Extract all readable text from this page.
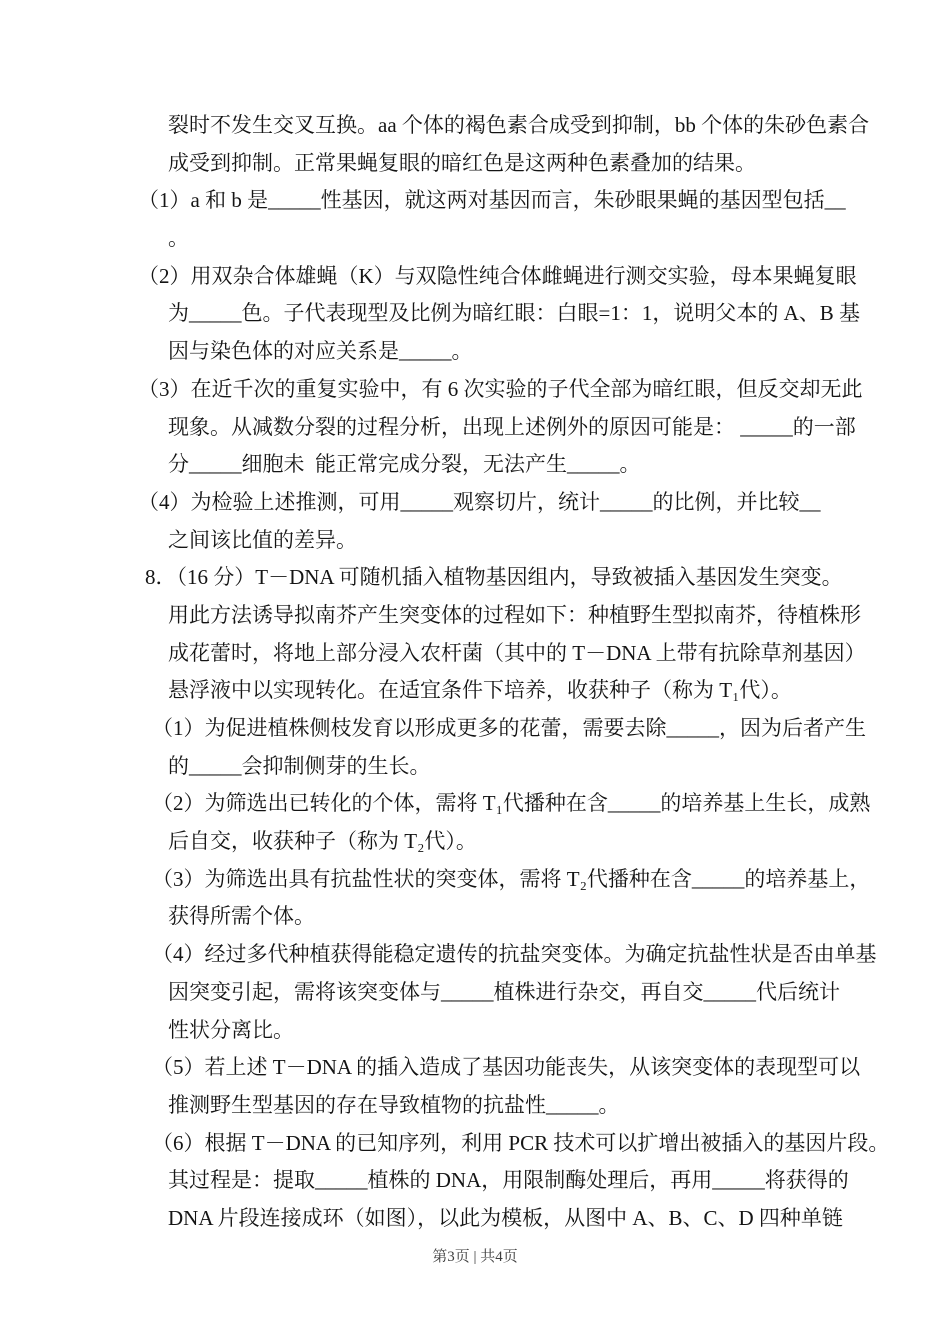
裂时不发生交叉互换。aa 个体的褐色素合成受到抑制，bb 个体的朱砂色素合
成受到抑制。正常果蝇复眼的暗红色是这两种色素叠加的结果。
（1）a 和 b 是_____性基因，就这两对基因而言，朱砂眼果蝇的基因型包括__
。
（2）用双杂合体雄蝇（K）与双隐性纯合体雌蝇进行测交实验，母本果蝇复眼
为_____色。子代表现型及比例为暗红眼：白眼=1：1，说明父本的 A、B 基
因与染色体的对应关系是_____。
（3）在近千次的重复实验中，有 6 次实验的子代全部为暗红眼，但反交却无此
现象。从减数分裂的过程分析，出现上述例外的原因可能是： _____的一部
分_____细胞未  能正常完成分裂，无法产生_____。
（4）为检验上述推测，可用_____观察切片，统计_____的比例，并比较__
之间该比值的差异。
8．（16 分）T－DNA 可随机插入植物基因组内，导致被插入基因发生突变。
用此方法诱导拟南芥产生突变体的过程如下：种植野生型拟南芥，待植株形
成花蕾时，将地上部分浸入农杆菌（其中的 T－DNA 上带有抗除草剂基因）
悬浮液中以实现转化。在适宜条件下培养，收获种子（称为 T₁代）。
（1）为促进植株侧枝发育以形成更多的花蕾，需要去除_____，因为后者产生
的_____会抑制侧芽的生长。
（2）为筛选出已转化的个体，需将 T₁代播种在含_____的培养基上生长，成熟
后自交，收获种子（称为 T₂代）。
（3）为筛选出具有抗盐性状的突变体，需将 T₂代播种在含_____的培养基上，
获得所需个体。
（4）经过多代种植获得能稳定遗传的抗盐突变体。为确定抗盐性状是否由单基
因突变引起，需将该突变体与_____植株进行杂交，再自交_____代后统计
性状分离比。
（5）若上述 T－DNA 的插入造成了基因功能丧失，从该突变体的表现型可以
推测野生型基因的存在导致植物的抗盐性_____。
（6）根据 T－DNA 的已知序列，利用 PCR 技术可以扩增出被插入的基因片段。
其过程是：提取_____植株的 DNA，用限制酶处理后，再用_____将获得的
DNA 片段连接成环（如图），以此为模板，从图中 A、B、C、D 四种单链
第3页 | 共4页
